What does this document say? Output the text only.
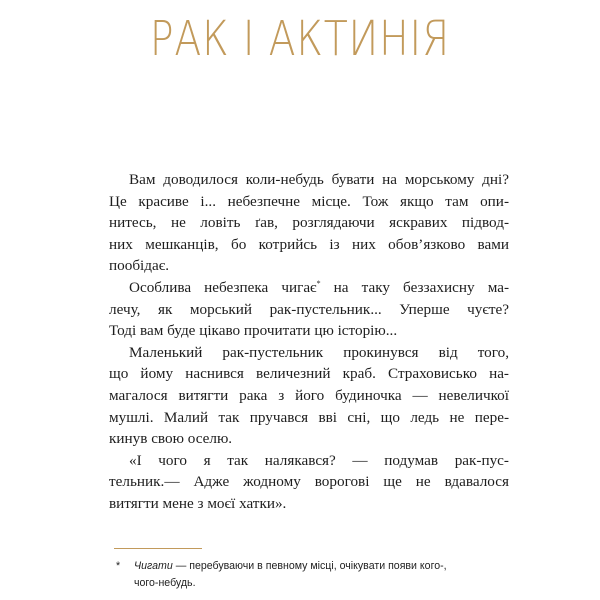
РАК І АКТИНІЯ
Вам доводилося коли-небудь бувати на морському дні?
Це красиве і... небезпечне місце. Тож якщо там опи-
нитесь, не ловіть ґав, розглядаючи яскравих підвод-
них мешканців, бо котрийсь із них обов’язково вами
пообідає.
Особлива небезпека чигає* на таку беззахисну ма-
лечу, як морський рак-пустельник... Уперше чуєте?
Тоді вам буде цікаво прочитати цю історію...
Маленький рак-пустельник прокинувся від того,
що йому наснився величезний краб. Страховисько на-
магалося витягти рака з його будиночка — невеличкої
мушлі. Малий так пручався вві сні, що ледь не пере-
кинув свою оселю.
«І чого я так налякався? — подумав рак-пус-
тельник.— Адже жодному ворогові ще не вдавалося
витягти мене з моєї хатки».
* Чигати — перебуваючи в певному місці, очікувати появи кого-,
чого-небудь.
